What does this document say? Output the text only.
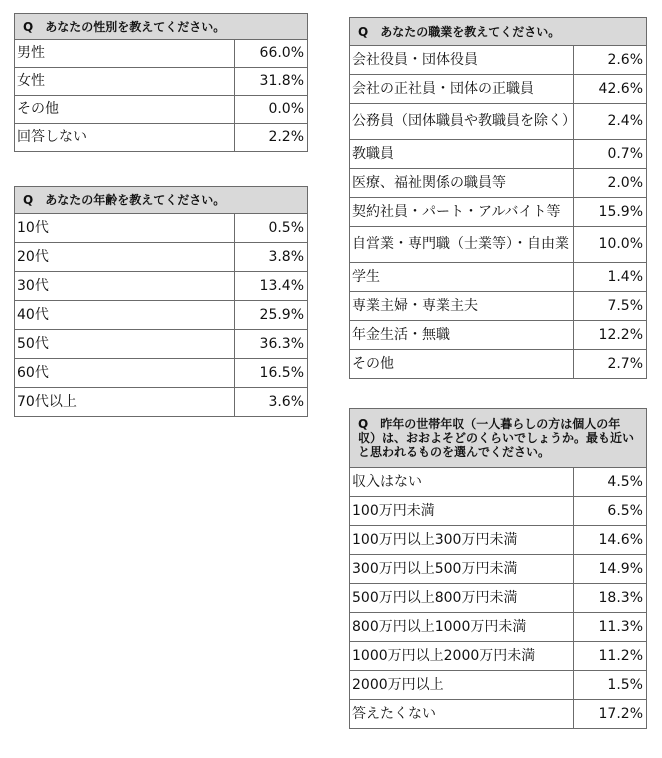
Q　あなたの性別を教えてください。	
男性	66.0%
女性	31.8%
その他	0.0%
回答しない	2.2%
Q　あなたの年齢を教えてください。	
10代	0.5%
20代	3.8%
30代	13.4%
40代	25.9%
50代	36.3%
60代	16.5%
70代以上	3.6%
Q　あなたの職業を教えてください。	
会社役員・団体役員	2.6%
会社の正社員・団体の正職員	42.6%
公務員（団体職員や教職員を除く）	2.4%
教職員	0.7%
医療、福祉関係の職員等	2.0%
契約社員・パート・アルバイト等	15.9%
自営業・専門職（士業等）・自由業	10.0%
学生	1.4%
専業主婦・専業主夫	7.5%
年金生活・無職	12.2%
その他	2.7%
Q　昨年の世帯年収（一人暮らしの方は個人の年収）は、おおよそどのくらいでしょうか。最も近いと思われるものを選んでください。	
収入はない	4.5%
100万円未満	6.5%
100万円以上300万円未満	14.6%
300万円以上500万円未満	14.9%
500万円以上800万円未満	18.3%
800万円以上1000万円未満	11.3%
1000万円以上2000万円未満	11.2%
2000万円以上	1.5%
答えたくない	17.2%
